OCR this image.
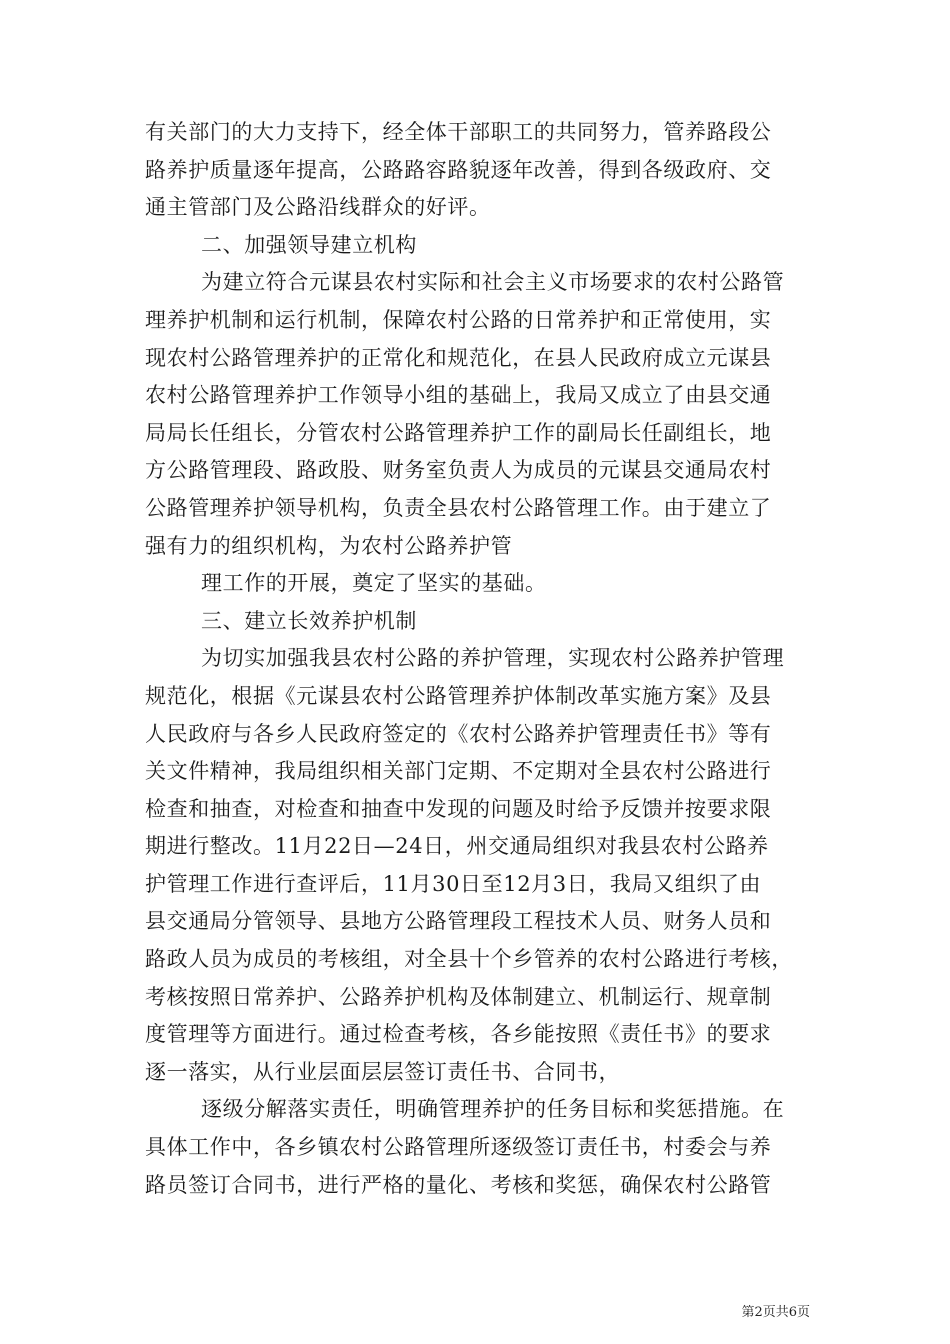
有关部门的大力支持下，经全体干部职工的共同努力，管养路段公
路养护质量逐年提高，公路路容路貌逐年改善，得到各级政府、交
通主管部门及公路沿线群众的好评。
二、加强领导建立机构
为建立符合元谋县农村实际和社会主义市场要求的农村公路管
理养护机制和运行机制，保障农村公路的日常养护和正常使用，实
现农村公路管理养护的正常化和规范化，在县人民政府成立元谋县
农村公路管理养护工作领导小组的基础上，我局又成立了由县交通
局局长任组长，分管农村公路管理养护工作的副局长任副组长，地
方公路管理段、路政股、财务室负责人为成员的元谋县交通局农村
公路管理养护领导机构，负责全县农村公路管理工作。由于建立了
强有力的组织机构，为农村公路养护管
理工作的开展，奠定了坚实的基础。
三、建立长效养护机制
为切实加强我县农村公路的养护管理，实现农村公路养护管理
规范化，根据《元谋县农村公路管理养护体制改革实施方案》及县
人民政府与各乡人民政府签定的《农村公路养护管理责任书》等有
关文件精神，我局组织相关部门定期、不定期对全县农村公路进行
检查和抽查，对检查和抽查中发现的问题及时给予反馈并按要求限
期进行整改。11月22日—24日，州交通局组织对我县农村公路养
护管理工作进行查评后，11月30日至12月3日，我局又组织了由
县交通局分管领导、县地方公路管理段工程技术人员、财务人员和
路政人员为成员的考核组，对全县十个乡管养的农村公路进行考核，
考核按照日常养护、公路养护机构及体制建立、机制运行、规章制
度管理等方面进行。通过检查考核，各乡能按照《责任书》的要求
逐一落实，从行业层面层层签订责任书、合同书，
逐级分解落实责任，明确管理养护的任务目标和奖惩措施。在
具体工作中，各乡镇农村公路管理所逐级签订责任书，村委会与养
路员签订合同书，进行严格的量化、考核和奖惩，确保农村公路管
第2页共6页
